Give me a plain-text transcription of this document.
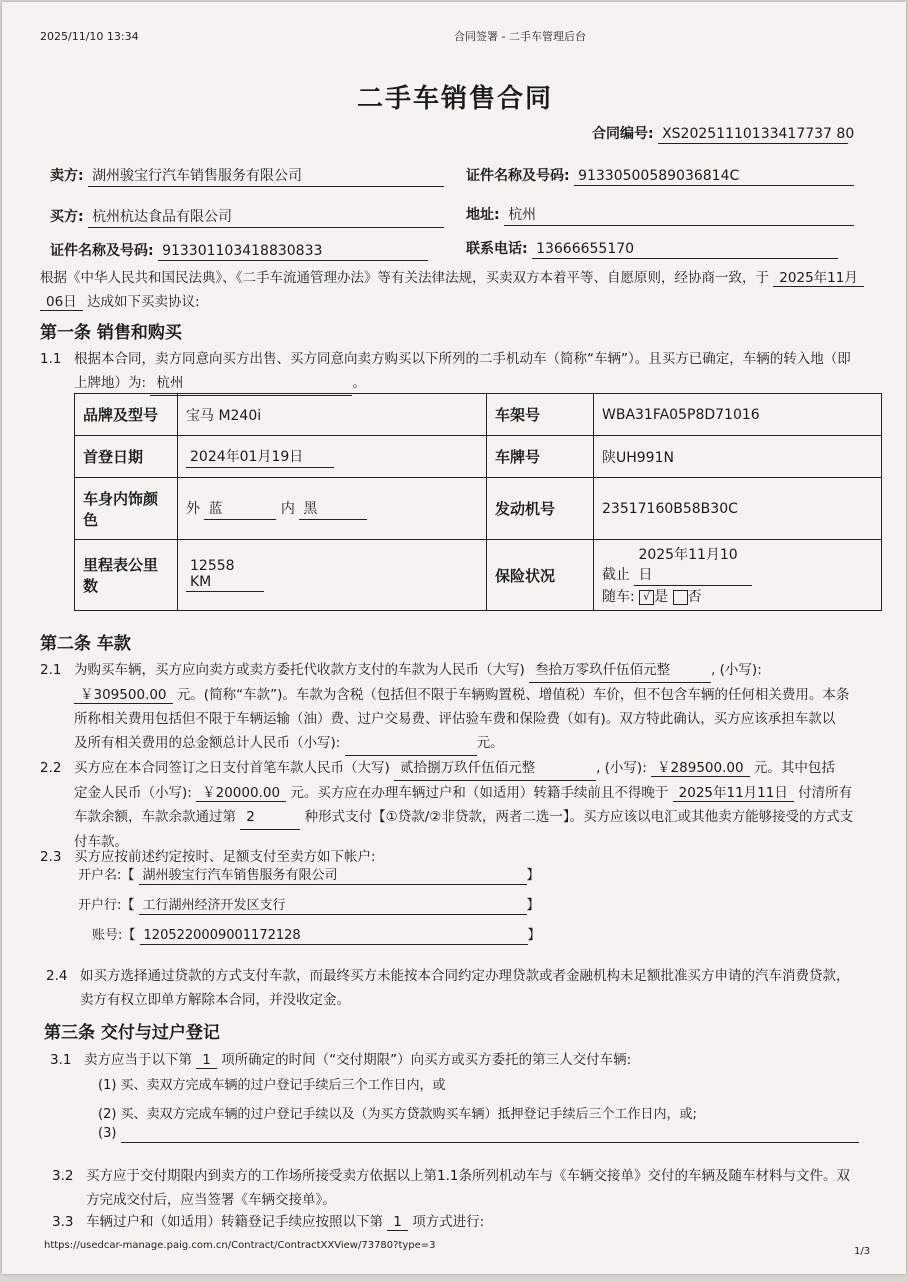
2025/11/10 13:34	合同签署 - 二手车管理后台
二手车销售合同
合同编号: XS20251110133417737 80
卖方: 湖州骏宝行汽车销售服务有限公司	证件名称及号码: 91330500589036814C
买方: 杭州杭达食品有限公司	地址: 杭州
证件名称及号码: 913301103418830833	联系电话: 13666655170
根据《中华人民共和国民法典》、《二手车流通管理办法》等有关法律法规，买卖双方本着平等、自愿原则，经协商一致，于 2025年11月
06日 达成如下买卖协议:
第一条 销售和购买
1.1 根据本合同，卖方同意向买方出售、买方同意向卖方购买以下所列的二手机动车（简称“车辆”）。且买方已确定，车辆的转入地（即
上牌地）为: 杭州	。
品牌及型号	宝马 M240i	车架号	WBA31FA05P8D71016
首登日期	2024年01月19日	车牌号	陕UH991N
车身内饰颜
色	外 蓝 内 黑	发动机号	23517160B58B30C
里程表公里
数	12558 KM	保险状况	截止 2025年11月10日
随车: √ 是 否
第二条 车款
2.1 为购买车辆，买方应向卖方或卖方委托代收款方支付的车款为人民币（大写) 叁拾万零玖仟伍佰元整	, (小写):
￥309500.00 元。(简称“车款”)。车款为含税（包括但不限于车辆购置税、增值税）车价，但不包含车辆的任何相关费用。本条
所称相关费用包括但不限于车辆运输（油）费、过户交易费、评估验车费和保险费（如有)。双方特此确认，买方应该承担车款以
及所有相关费用的总金额总计人民币（小写):	元。
2.2 买方应在本合同签订之日支付首笔车款人民币（大写) 贰拾捌万玖仟伍佰元整	, (小写): ￥289500.00 元。其中包括
定金人民币（小写): ￥20000.00 元。买方应在办理车辆过户和（如适用）转籍手续前且不得晚于 2025年11月11日 付清所有
车款余额，车款余款通过第 2	种形式支付【①贷款/②非贷款，两者二选一】。买方应该以电汇或其他卖方能够接受的方式支
付车款。
2.3 买方应按前述约定按时、足额支付至卖方如下帐户:
开户名:【 湖州骏宝行汽车销售服务有限公司	】
开户行:【 工行湖州经济开发区支行	】
账号:【 1205220009001172128	】
2.4 如买方选择通过贷款的方式支付车款，而最终买方未能按本合同约定办理贷款或者金融机构未足额批准买方申请的汽车消费贷款，
卖方有权立即单方解除本合同，并没收定金。
第三条 交付与过户登记
3.1 卖方应当于以下第 1 项所确定的时间（“交付期限”）向买方或买方委托的第三人交付车辆:
(1) 买、卖双方完成车辆的过户登记手续后三个工作日内，或
(2) 买、卖双方完成车辆的过户登记手续以及（为买方贷款购买车辆）抵押登记手续后三个工作日内，或;
(3)
3.2 买方应于交付期限内到卖方的工作场所接受卖方依据以上第1.1条所列机动车与《车辆交接单》交付的车辆及随车材料与文件。双
方完成交付后，应当签署《车辆交接单》。
3.3 车辆过户和（如适用）转籍登记手续应按照以下第 1 项方式进行:
https://usedcar-manage.paig.com.cn/Contract/ContractXXView/73780?type=3
1/3
